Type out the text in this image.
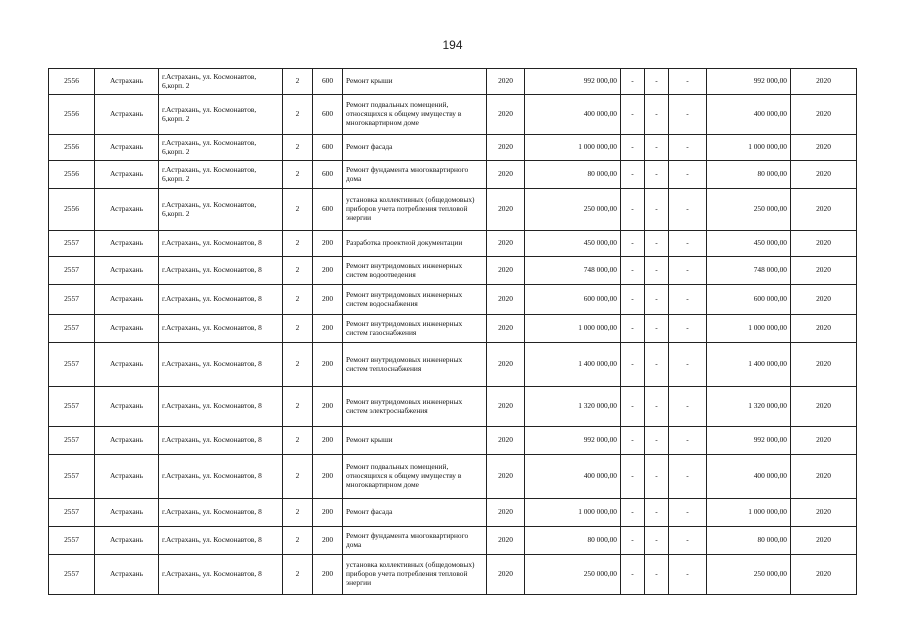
194
2556	Астрахань	г.Астрахань, ул. Космонавтов, 6,корп. 2	2	600	Ремонт крыши	2020	992 000,00	-	-	-	992 000,00	2020
2556	Астрахань	г.Астрахань, ул. Космонавтов, 6,корп. 2	2	600	Ремонт подвальных помещений, относящихся к общему имуществу в многоквартирном доме	2020	400 000,00	-	-	-	400 000,00	2020
2556	Астрахань	г.Астрахань, ул. Космонавтов, 6,корп. 2	2	600	Ремонт фасада	2020	1 000 000,00	-	-	-	1 000 000,00	2020
2556	Астрахань	г.Астрахань, ул. Космонавтов, 6,корп. 2	2	600	Ремонт фундамента многоквартирного дома	2020	80 000,00	-	-	-	80 000,00	2020
2556	Астрахань	г.Астрахань, ул. Космонавтов, 6,корп. 2	2	600	установка коллективных (общедомовых) приборов учета потребления тепловой энергии	2020	250 000,00	-	-	-	250 000,00	2020
2557	Астрахань	г.Астрахань, ул. Космонавтов, 8	2	200	Разработка проектной документации	2020	450 000,00	-	-	-	450 000,00	2020
2557	Астрахань	г.Астрахань, ул. Космонавтов, 8	2	200	Ремонт внутридомовых инженерных систем водоотведения	2020	748 000,00	-	-	-	748 000,00	2020
2557	Астрахань	г.Астрахань, ул. Космонавтов, 8	2	200	Ремонт внутридомовых инженерных систем водоснабжения	2020	600 000,00	-	-	-	600 000,00	2020
2557	Астрахань	г.Астрахань, ул. Космонавтов, 8	2	200	Ремонт внутридомовых инженерных систем газоснабжения	2020	1 000 000,00	-	-	-	1 000 000,00	2020
2557	Астрахань	г.Астрахань, ул. Космонавтов, 8	2	200	Ремонт внутридомовых инженерных систем теплоснабжения	2020	1 400 000,00	-	-	-	1 400 000,00	2020
2557	Астрахань	г.Астрахань, ул. Космонавтов, 8	2	200	Ремонт внутридомовых инженерных систем электроснабжения	2020	1 320 000,00	-	-	-	1 320 000,00	2020
2557	Астрахань	г.Астрахань, ул. Космонавтов, 8	2	200	Ремонт крыши	2020	992 000,00	-	-	-	992 000,00	2020
2557	Астрахань	г.Астрахань, ул. Космонавтов, 8	2	200	Ремонт подвальных помещений, относящихся к общему имуществу в многоквартирном доме	2020	400 000,00	-	-	-	400 000,00	2020
2557	Астрахань	г.Астрахань, ул. Космонавтов, 8	2	200	Ремонт фасада	2020	1 000 000,00	-	-	-	1 000 000,00	2020
2557	Астрахань	г.Астрахань, ул. Космонавтов, 8	2	200	Ремонт фундамента многоквартирного дома	2020	80 000,00	-	-	-	80 000,00	2020
2557	Астрахань	г.Астрахань, ул. Космонавтов, 8	2	200	установка коллективных (общедомовых) приборов учета потребления тепловой энергии	2020	250 000,00	-	-	-	250 000,00	2020
